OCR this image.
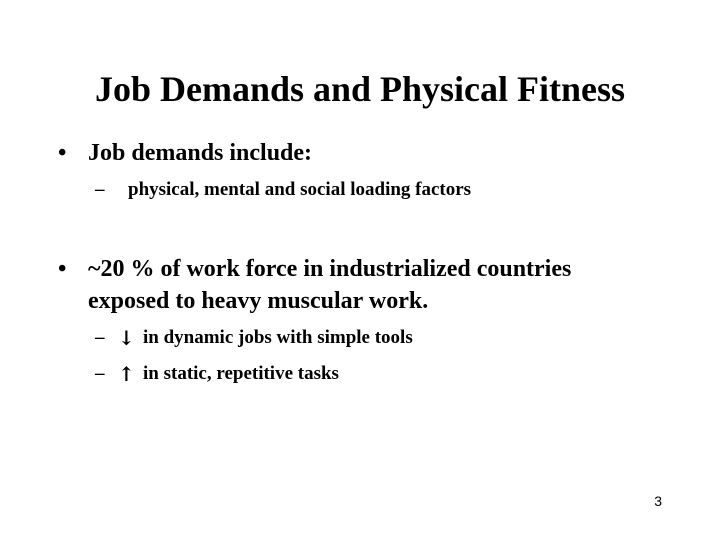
Job Demands and Physical Fitness
• Job demands include:
– physical, mental and social loading factors
• ~20 % of work force in industrialized countries
exposed to heavy muscular work.
– ↓ in dynamic jobs with simple tools
– ↑ in static, repetitive tasks
3
